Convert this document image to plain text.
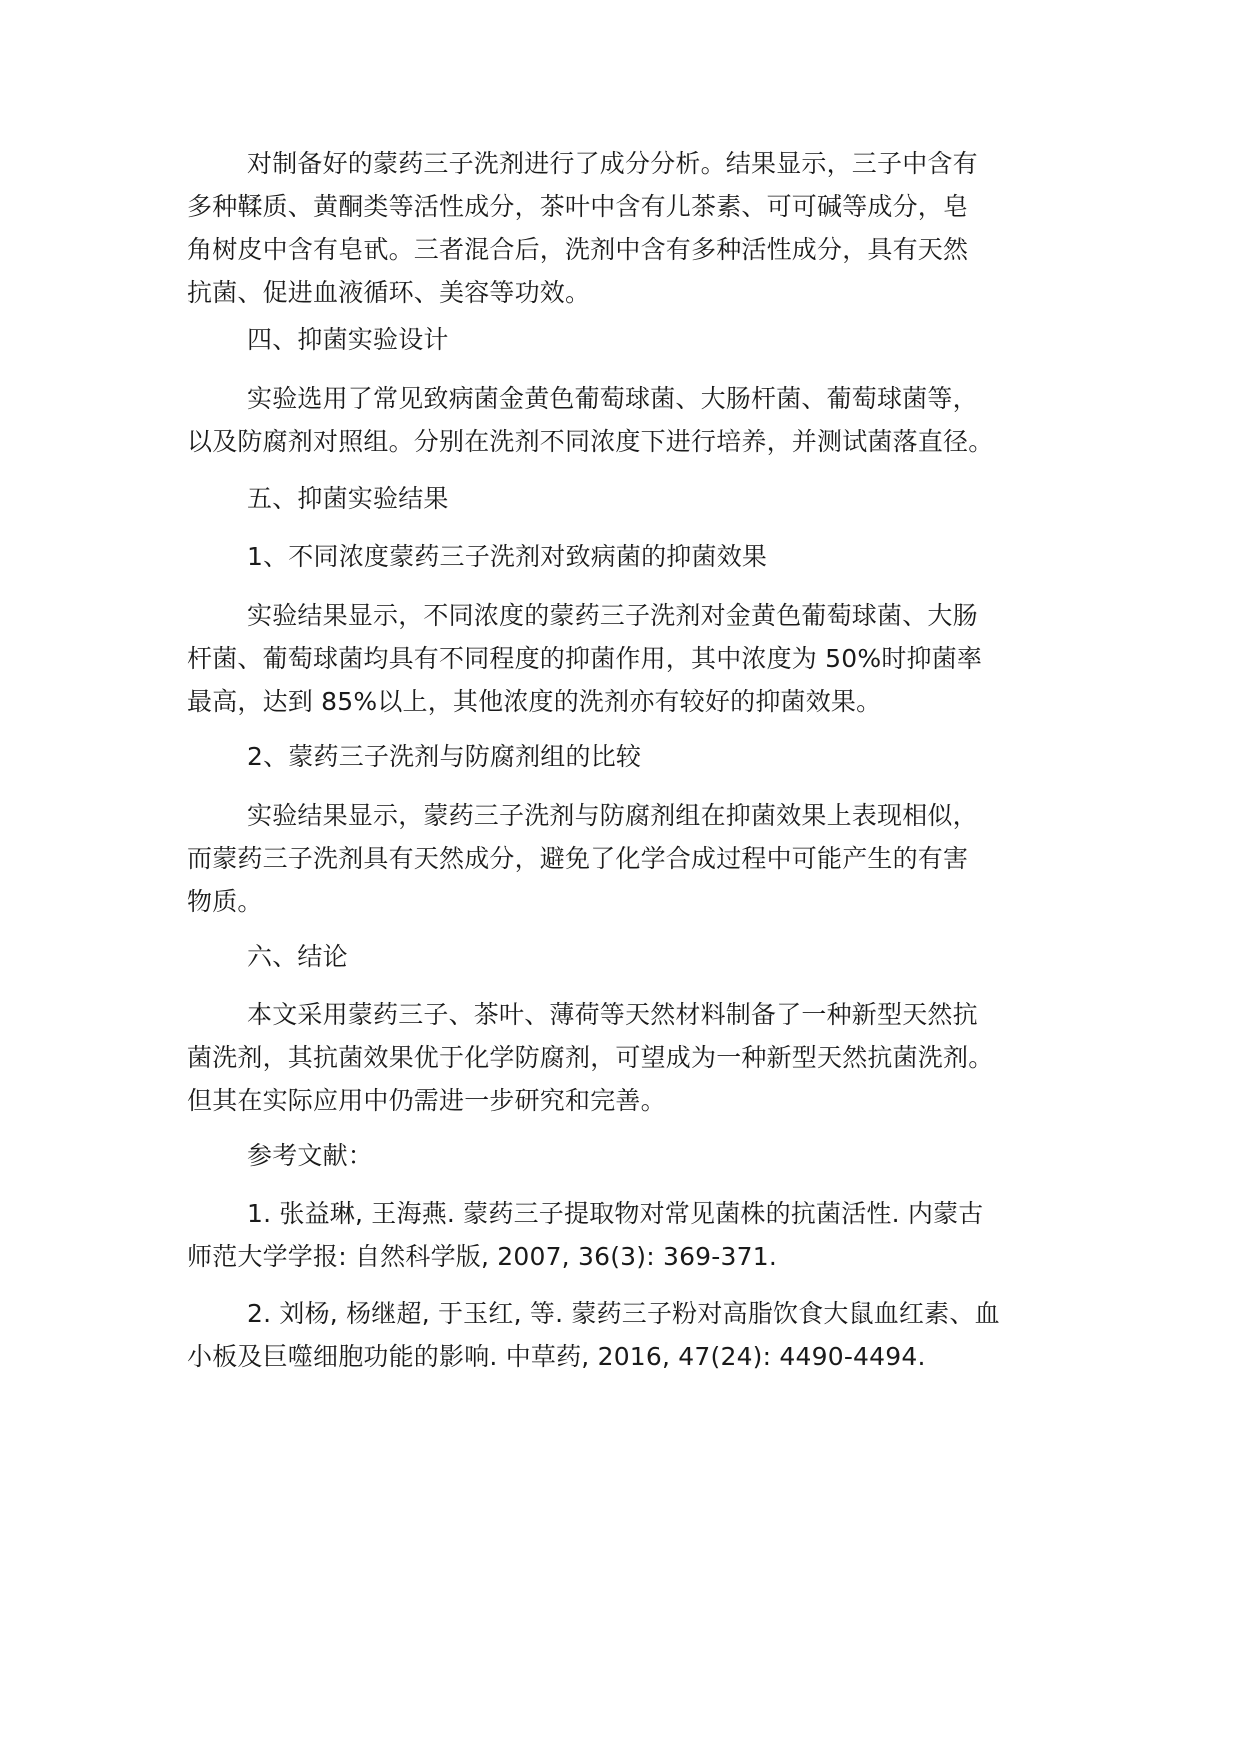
对制备好的蒙药三子洗剂进行了成分分析。结果显示，三子中含有
多种鞣质、黄酮类等活性成分，茶叶中含有儿茶素、可可碱等成分，皂
角树皮中含有皂甙。三者混合后，洗剂中含有多种活性成分，具有天然
抗菌、促进血液循环、美容等功效。
四、抑菌实验设计
实验选用了常见致病菌金黄色葡萄球菌、大肠杆菌、葡萄球菌等，
以及防腐剂对照组。分别在洗剂不同浓度下进行培养，并测试菌落直径。
五、抑菌实验结果
1、不同浓度蒙药三子洗剂对致病菌的抑菌效果
实验结果显示，不同浓度的蒙药三子洗剂对金黄色葡萄球菌、大肠
杆菌、葡萄球菌均具有不同程度的抑菌作用，其中浓度为 50%时抑菌率
最高，达到 85%以上，其他浓度的洗剂亦有较好的抑菌效果。
2、蒙药三子洗剂与防腐剂组的比较
实验结果显示，蒙药三子洗剂与防腐剂组在抑菌效果上表现相似，
而蒙药三子洗剂具有天然成分，避免了化学合成过程中可能产生的有害
物质。
六、结论
本文采用蒙药三子、茶叶、薄荷等天然材料制备了一种新型天然抗
菌洗剂，其抗菌效果优于化学防腐剂，可望成为一种新型天然抗菌洗剂。
但其在实际应用中仍需进一步研究和完善。
参考文献：
1. 张益琳, 王海燕. 蒙药三子提取物对常见菌株的抗菌活性. 内蒙古
师范大学学报: 自然科学版, 2007, 36(3): 369-371.
2. 刘杨, 杨继超, 于玉红, 等. 蒙药三子粉对高脂饮食大鼠血红素、血
小板及巨噬细胞功能的影响. 中草药, 2016, 47(24): 4490-4494.
